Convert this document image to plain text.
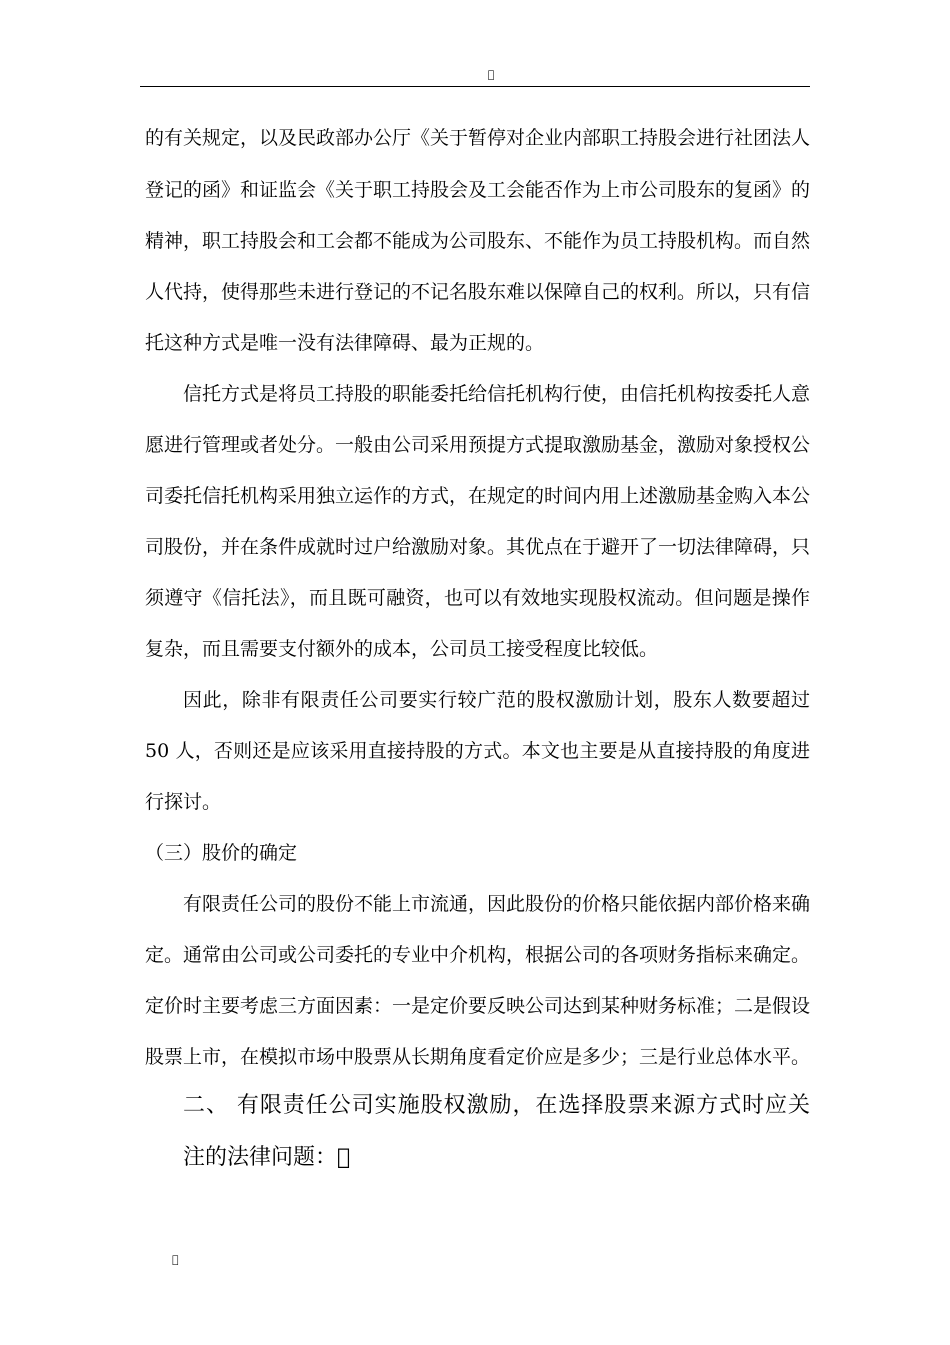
的有关规定，以及民政部办公厅《关于暂停对企业内部职工持股会进行社团法人
登记的函》和证监会《关于职工持股会及工会能否作为上市公司股东的复函》的
精神，职工持股会和工会都不能成为公司股东、不能作为员工持股机构。而自然
人代持，使得那些未进行登记的不记名股东难以保障自己的权利。所以，只有信
托这种方式是唯一没有法律障碍、最为正规的。
信托方式是将员工持股的职能委托给信托机构行使，由信托机构按委托人意
愿进行管理或者处分。一般由公司采用预提方式提取激励基金，激励对象授权公
司委托信托机构采用独立运作的方式，在规定的时间内用上述激励基金购入本公
司股份，并在条件成就时过户给激励对象。其优点在于避开了一切法律障碍，只
须遵守《信托法》，而且既可融资，也可以有效地实现股权流动。但问题是操作
复杂，而且需要支付额外的成本，公司员工接受程度比较低。
因此，除非有限责任公司要实行较广范的股权激励计划，股东人数要超过
50 人，否则还是应该采用直接持股的方式。本文也主要是从直接持股的角度进
行探讨。
（三）股价的确定
有限责任公司的股份不能上市流通，因此股份的价格只能依据内部价格来确
定。通常由公司或公司委托的专业中介机构，根据公司的各项财务指标来确定。
定价时主要考虑三方面因素：一是定价要反映公司达到某种财务标准；二是假设
股票上市，在模拟市场中股票从长期角度看定价应是多少；三是行业总体水平。
二、 有限责任公司实施股权激励，在选择股票来源方式时应关
注的法律问题：
